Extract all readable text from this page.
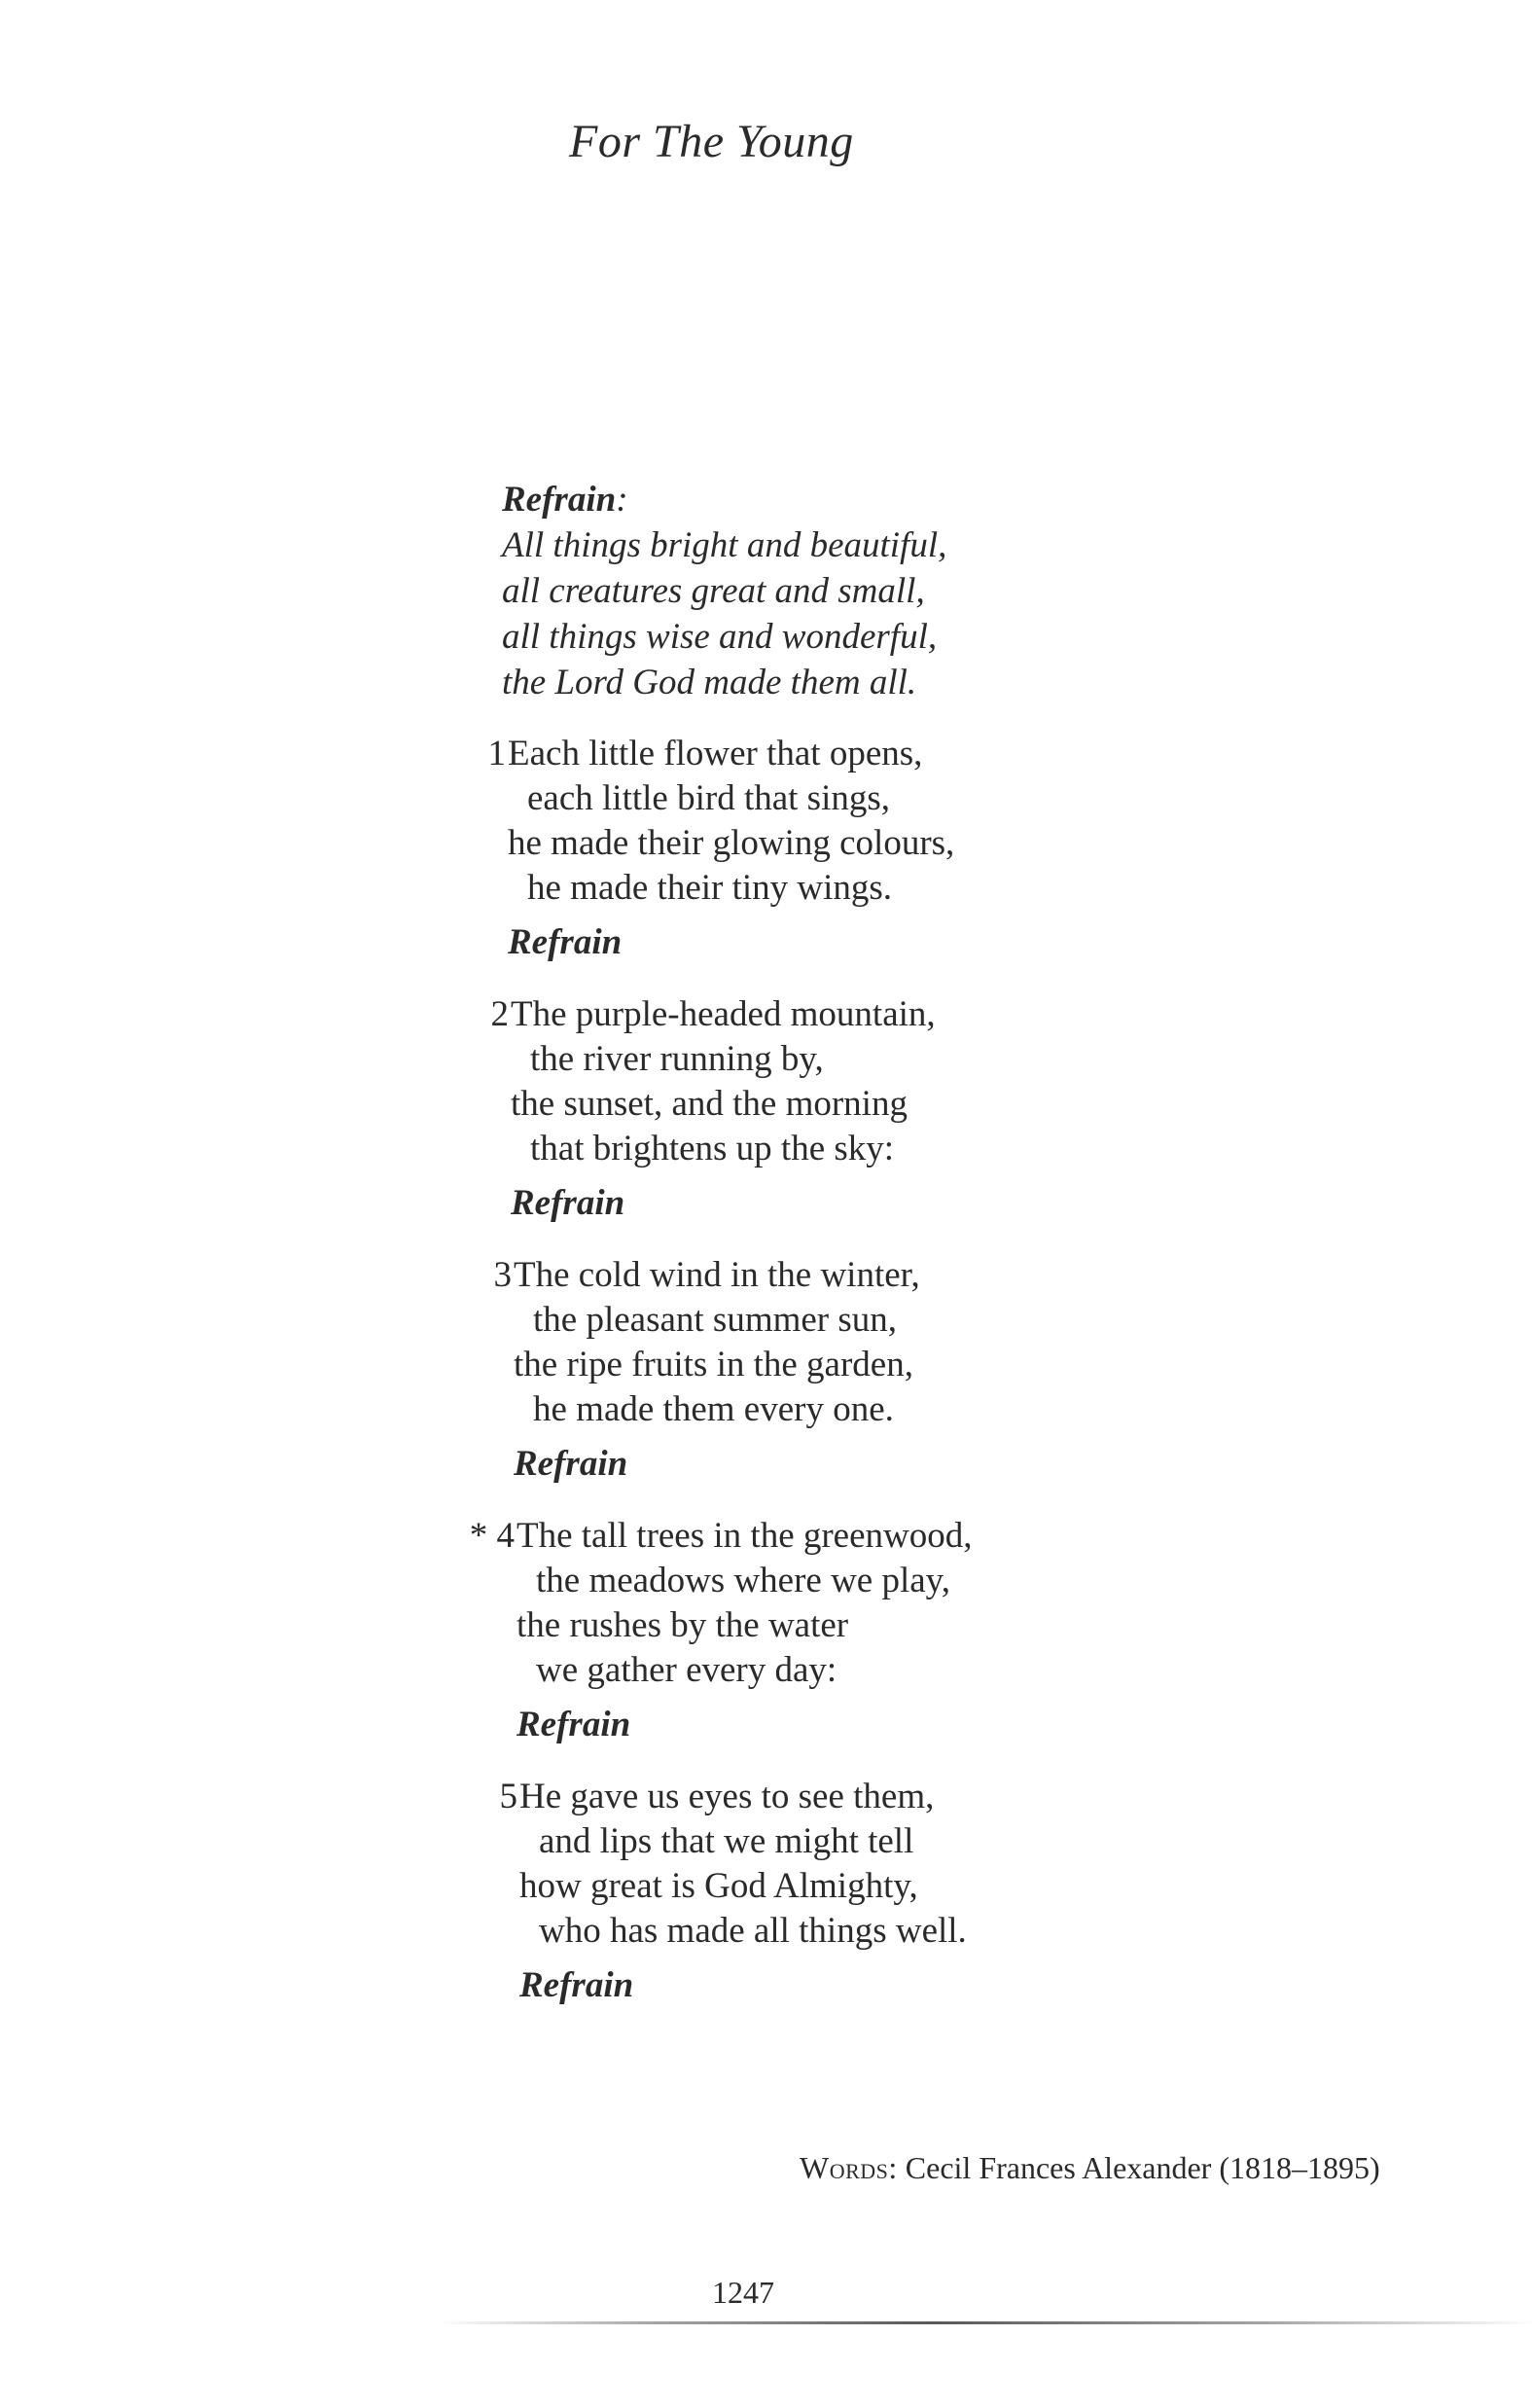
For The Young
Refrain:
All things bright and beautiful,
all creatures great and small,
all things wise and wonderful,
the Lord God made them all.
1 Each little flower that opens,
each little bird that sings,
he made their glowing colours,
he made their tiny wings.
Refrain
2 The purple-headed mountain,
the river running by,
the sunset, and the morning
that brightens up the sky:
Refrain
3 The cold wind in the winter,
the pleasant summer sun,
the ripe fruits in the garden,
he made them every one.
Refrain
* 4 The tall trees in the greenwood,
the meadows where we play,
the rushes by the water
we gather every day:
Refrain
5 He gave us eyes to see them,
and lips that we might tell
how great is God Almighty,
who has made all things well.
Refrain
Words: Cecil Frances Alexander (1818–1895)
1247
